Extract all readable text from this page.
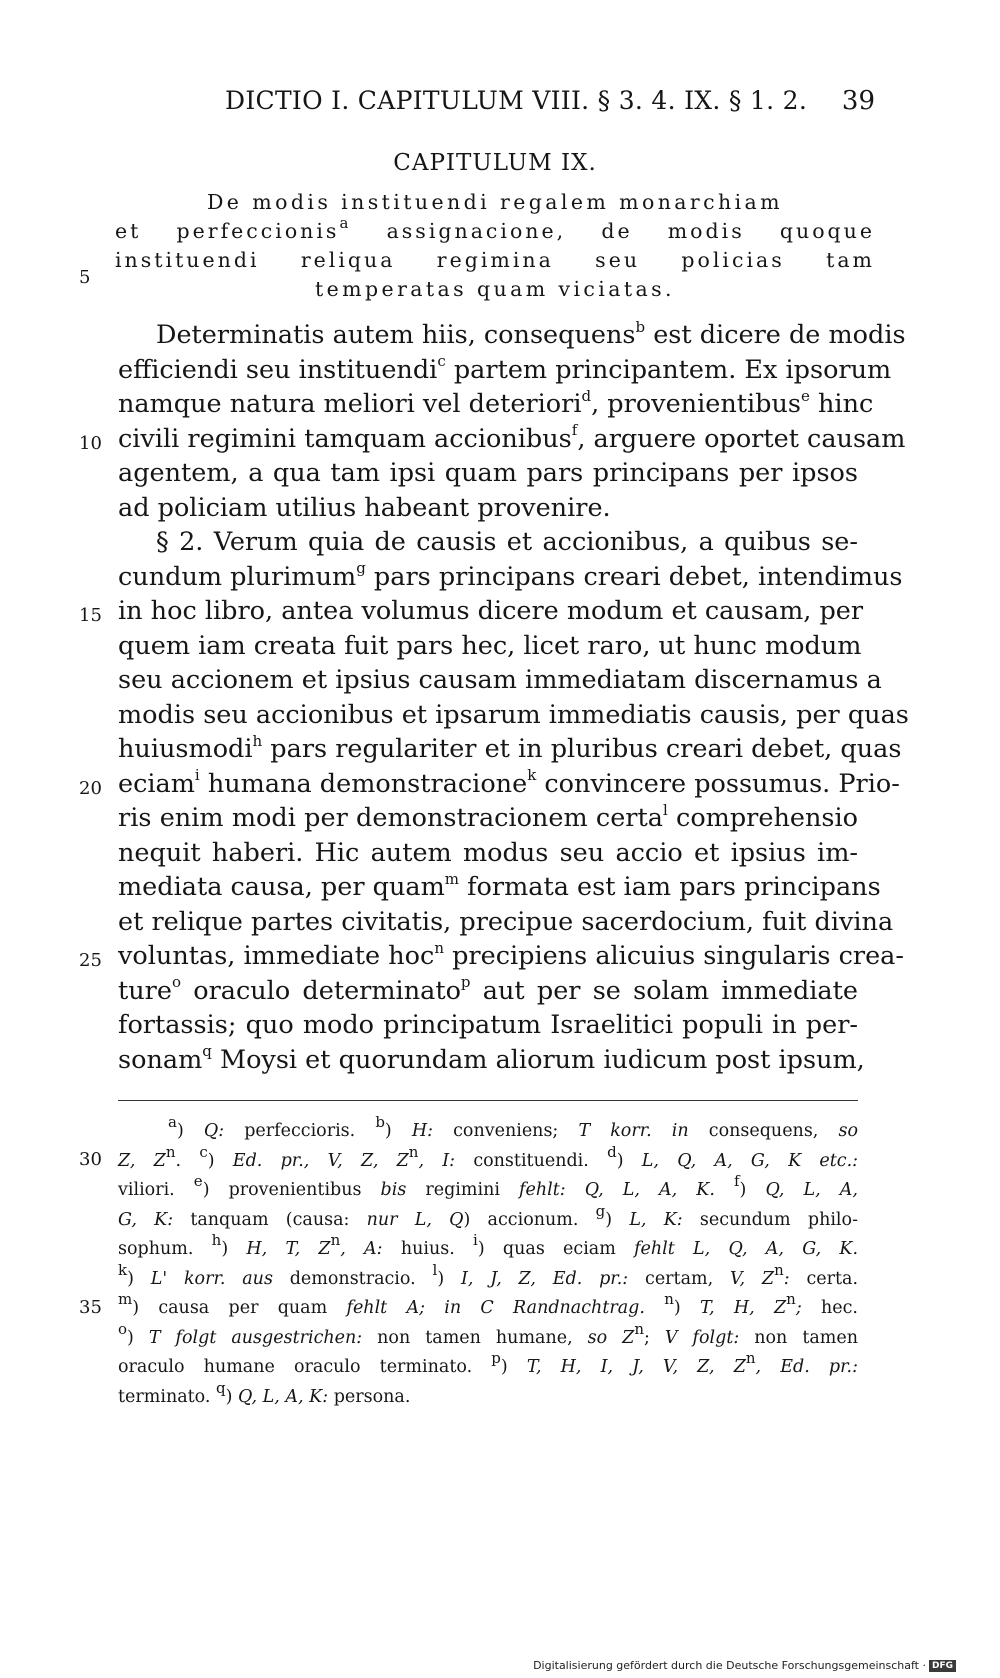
DICTIO I. CAPITULUM VIII. § 3. 4. IX. § 1. 2. 39
CAPITULUM IX.
De modis instituendi regalem monarchiam
et perfeccionis$^a$ assignacione, de modis quoque
instituendi reliqua regimina seu policias tam
temperatas quam viciatas.
5
10
15
20
25
30
35
Determinatis autem hiis, consequens$^b$ est dicere de modis
efficiendi seu instituendi$^c$ partem principantem. Ex ipsorum
namque natura meliori vel deteriori$^d$, provenientibus$^e$ hinc
civili regimini tamquam accionibus$^f$, arguere oportet causam
agentem, a qua tam ipsi quam pars principans per ipsos
ad policiam utilius habeant provenire.
§ 2. Verum quia de causis et accionibus, a quibus se-
cundum plurimum$^g$ pars principans creari debet, intendimus
in hoc libro, antea volumus dicere modum et causam, per
quem iam creata fuit pars hec, licet raro, ut hunc modum
seu accionem et ipsius causam immediatam discernamus a
modis seu accionibus et ipsarum immediatis causis, per quas
huiusmodi$^h$ pars regulariter et in pluribus creari debet, quas
eciam$^i$ humana demonstracione$^k$ convincere possumus. Prio-
ris enim modi per demonstracionem certa$^l$ comprehensio
nequit haberi. Hic autem modus seu accio et ipsius im-
mediata causa, per quam$^m$ formata est iam pars principans
et relique partes civitatis, precipue sacerdocium, fuit divina
voluntas, immediate hoc$^n$ precipiens alicuius singularis crea-
ture$^o$ oraculo determinato$^p$ aut per se solam immediate
fortassis; quo modo principatum Israelitici populi in per-
sonam$^q$ Moysi et quorundam aliorum iudicum post ipsum,
$^a$) Q: perfeccioris. $^b$) H: conveniens; T korr. in consequens, so
Z, $Z^n$. $^c$) Ed. pr., V, Z, $Z^n$, I: constituendi. $^d$) L, Q, A, G, K etc.:
viliori. $^e$) provenientibus bis regimini fehlt: Q, L, A, K. $^f$) Q, L, A,
G, K: tanquam (causa: nur L, Q) accionum. $^g$) L, K: secundum philo-
sophum. $^h$) H, T, $Z^n$, A: huius. $^i$) quas eciam fehlt L, Q, A, G, K.
$^k$) L' korr. aus demonstracio. $^l$) I, J, Z, Ed. pr.: certam, V, $Z^n$: certa.
$^m$) causa per quam fehlt A; in C Randnachtrag. $^n$) T, H, $Z^n$; hec.
$^o$) T folgt ausgestrichen: non tamen humane, so $Z^n$; V folgt: non tamen
oraculo humane oraculo terminato. $^p$) T, H, I, J, V, Z, $Z^n$, Ed. pr.:
terminato. $^q$) Q, L, A, K: persona.
Digitalisierung gefördert durch die Deutsche Forschungsgemeinschaft · DFG
